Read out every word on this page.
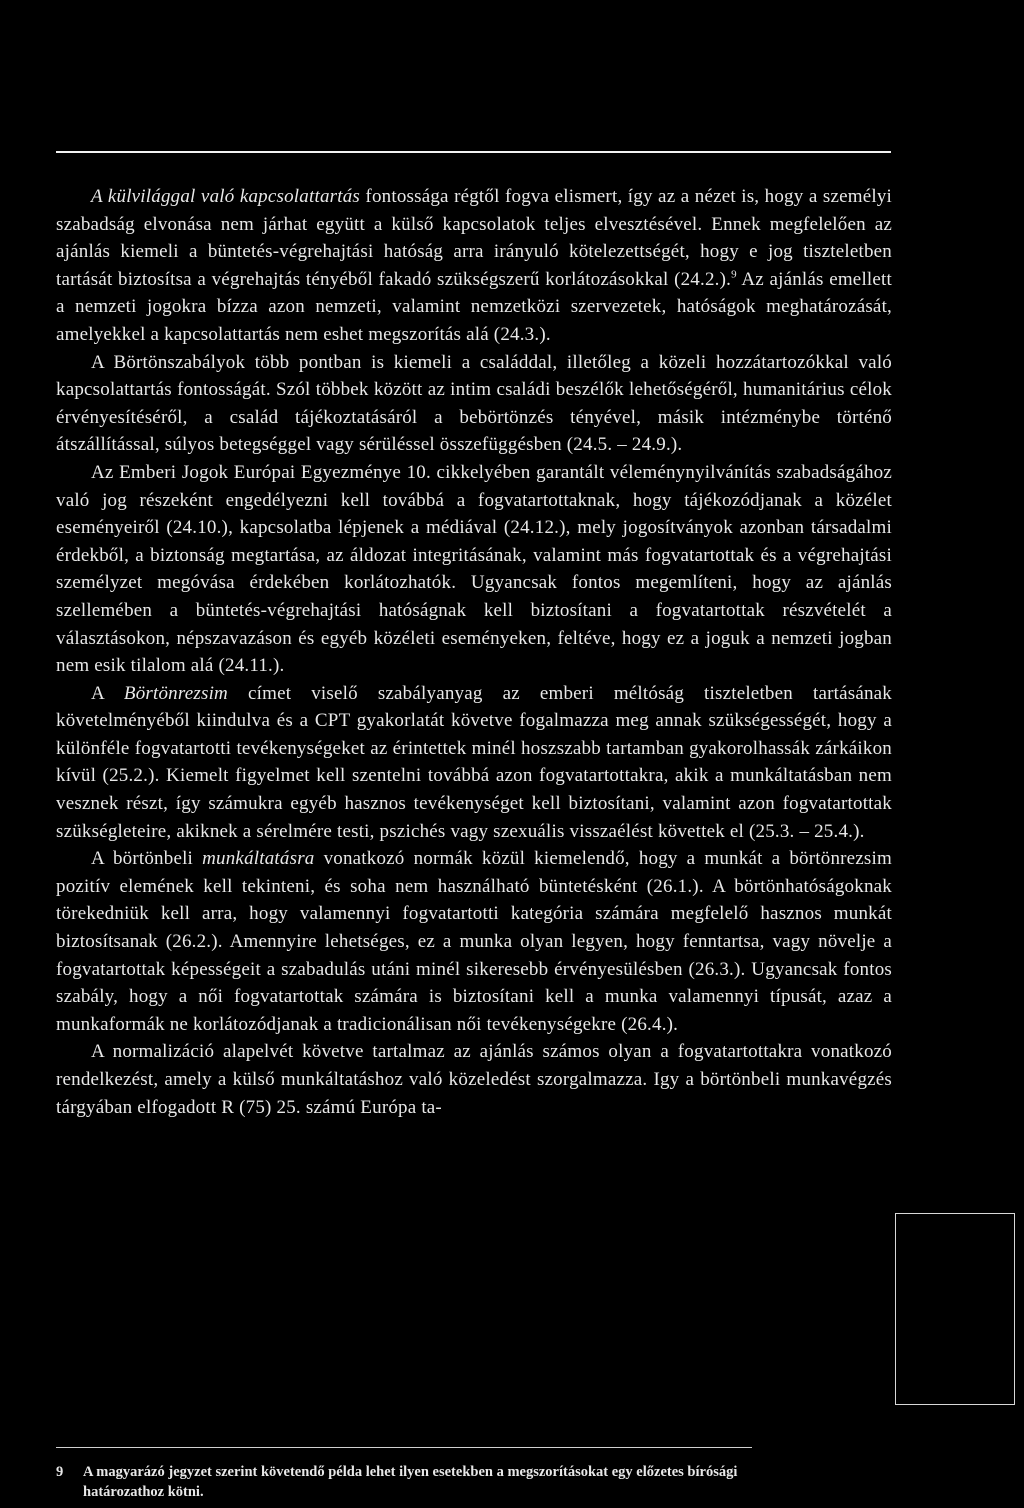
A külvilággal való kapcsolattartás fontossága régtől fogva elismert, így az a nézet is, hogy a személyi szabadság elvonása nem járhat együtt a külső kapcsolatok teljes elvesztésével. Ennek megfelelően az ajánlás kiemeli a büntetés-végrehajtási hatóság arra irányuló kötelezettségét, hogy e jog tiszteletben tartását biztosítsa a végrehajtás tényéből fakadó szükségszerű korlátozásokkal (24.2.).$^9$ Az ajánlás emellett a nemzeti jogokra bízza azon nemzeti, valamint nemzetközi szervezetek, hatóságok meghatározását, amelyekkel a kapcsolattartás nem eshet megszorítás alá (24.3.).

A Börtönszabályok több pontban is kiemeli a családdal, illetőleg a közeli hozzátartozókkal való kapcsolattartás fontosságát. Szól többek között az intim családi beszélők lehetőségéről, humanitárius célok érvényesítéséről, a család tájékoztatásáról a bebörtönzés tényével, másik intézménybe történő átszállítással, súlyos betegséggel vagy sérüléssel összefüggésben (24.5. – 24.9.).

Az Emberi Jogok Európai Egyezménye 10. cikkelyében garantált véleménynyilvánítás szabadságához való jog részeként engedélyezni kell továbbá a fogvatartottaknak, hogy tájékozódjanak a közélet eseményeiről (24.10.), kapcsolatba lépjenek a médiával (24.12.), mely jogosítványok azonban társadalmi érdekből, a biztonság megtartása, az áldozat integritásának, valamint más fogvatartottak és a végrehajtási személyzet megóvása érdekében korlátozhatók. Ugyancsak fontos megemlíteni, hogy az ajánlás szellemében a büntetés-végrehajtási hatóságnak kell biztosítani a fogvatartottak részvételét a választásokon, népszavazáson és egyéb közéleti eseményeken, feltéve, hogy ez a joguk a nemzeti jogban nem esik tilalom alá (24.11.).

A Börtönrezsim címet viselő szabályanyag az emberi méltóság tiszteletben tartásának követelményéből kiindulva és a CPT gyakorlatát követve fogalmazza meg annak szükségességét, hogy a különféle fogvatartotti tevékenységeket az érintettek minél hoszszabb tartamban gyakorolhassák zárkáikon kívül (25.2.). Kiemelt figyelmet kell szentelni továbbá azon fogvatartottakra, akik a munkáltatásban nem vesznek részt, így számukra egyéb hasznos tevékenységet kell biztosítani, valamint azon fogvatartottak szükségleteire, akiknek a sérelmére testi, pszichés vagy szexuális visszaélést követtek el (25.3. – 25.4.).

A börtönbeli munkáltatásra vonatkozó normák közül kiemelendő, hogy a munkát a börtönrezsim pozitív elemének kell tekinteni, és soha nem használható büntetésként (26.1.). A börtönhatóságoknak törekedniük kell arra, hogy valamennyi fogvatartotti kategória számára megfelelő hasznos munkát biztosítsanak (26.2.). Amennyire lehetséges, ez a munka olyan legyen, hogy fenntartsa, vagy növelje a fogvatartottak képességeit a szabadulás utáni minél sikeresebb érvényesülésben (26.3.). Ugyancsak fontos szabály, hogy a női fogvatartottak számára is biztosítani kell a munka valamennyi típusát, azaz a munkaformák ne korlátozódjanak a tradicionálisan női tevékenységekre (26.4.).

A normalizáció alapelvét követve tartalmaz az ajánlás számos olyan a fogvatartottakra vonatkozó rendelkezést, amely a külső munkáltatáshoz való közeledést szorgalmazza. Igy a börtönbeli munkavégzés tárgyában elfogadott R (75) 25. számú Európa ta-

9 A magyarázó jegyzet szerint követendő példa lehet ilyen esetekben a megszorításokat egy előzetes bírósági
határozathoz kötni.
